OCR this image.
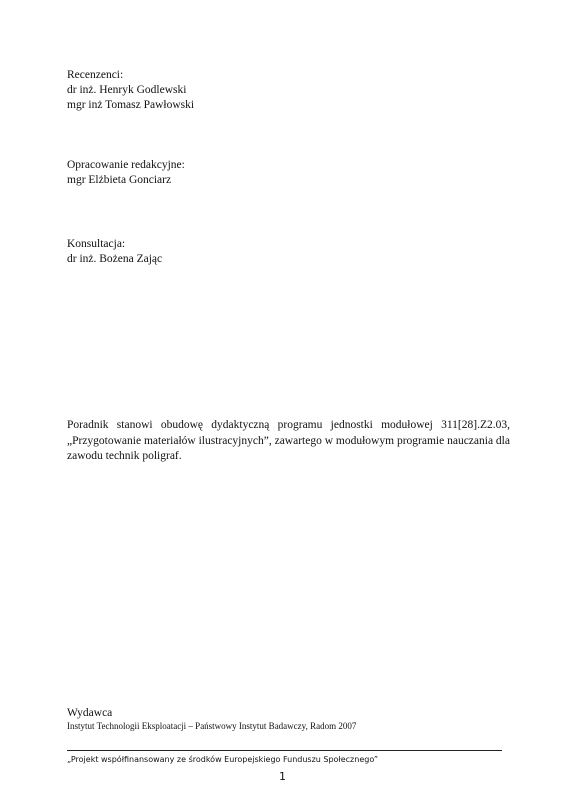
Recenzenci:
dr inż. Henryk Godlewski
mgr inż Tomasz Pawłowski
Opracowanie redakcyjne:
mgr Elżbieta Gonciarz
Konsultacja:
dr inż. Bożena Zając
Poradnik stanowi obudowę dydaktyczną programu jednostki modułowej 311[28].Z2.03,
„Przygotowanie materiałów ilustracyjnych”, zawartego w modułowym programie nauczania dla
zawodu technik poligraf.
Wydawca
Instytut Technologii Eksploatacji – Państwowy Instytut Badawczy, Radom 2007
„Projekt współfinansowany ze środków Europejskiego Funduszu Społecznego”
1
